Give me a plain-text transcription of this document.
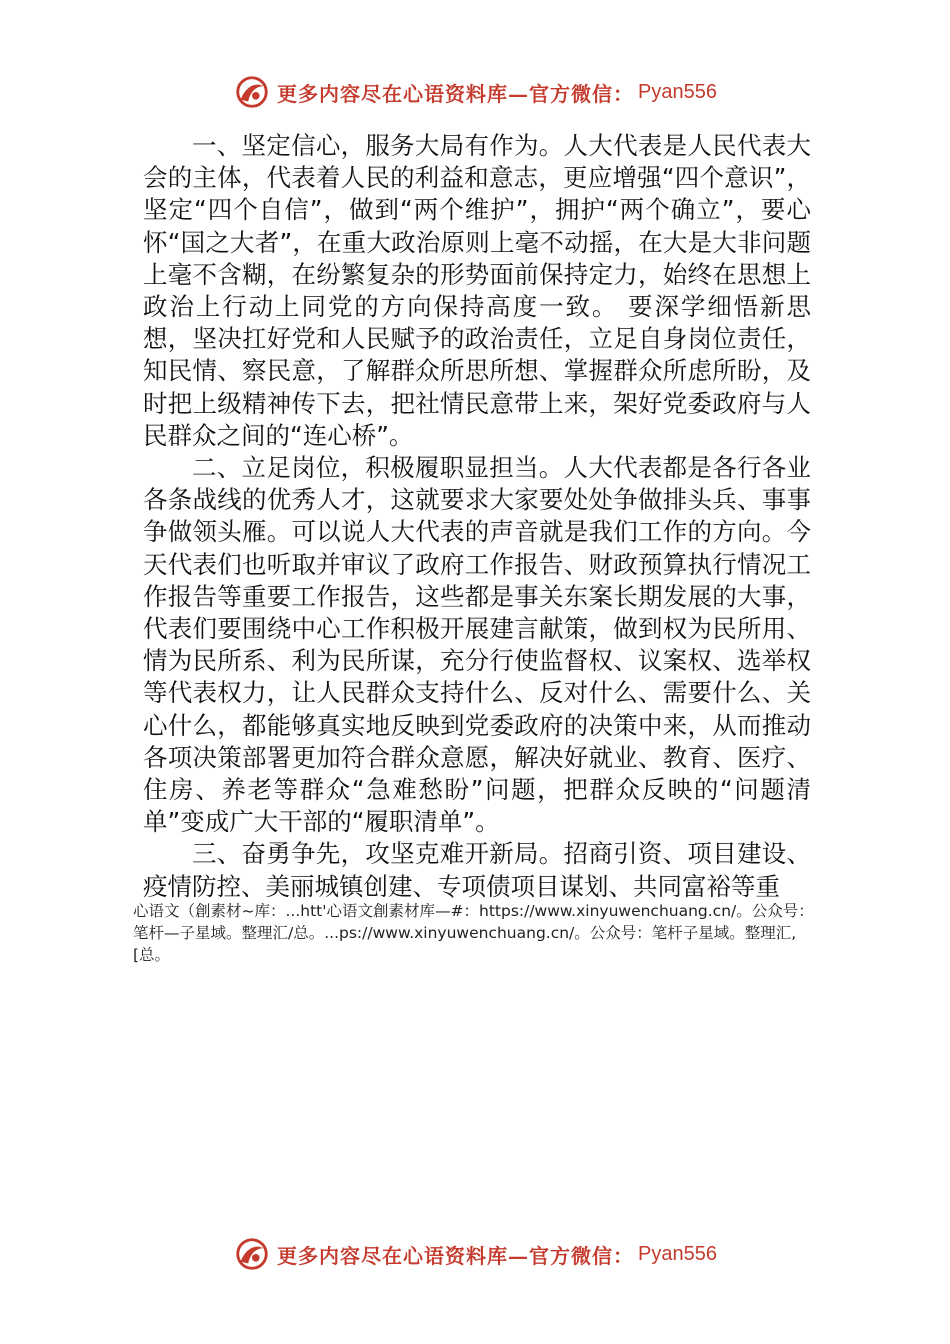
更多内容尽在心语资料库—官方微信： Pyan556

一、坚定信心，服务大局有作为。人大代表是人民代表大会的主体，代表着人民的利益和意志，更应增强“四个意识”，坚定“四个自信”，做到“两个维护”，拥护“两个确立”，要心怀“国之大者”，在重大政治原则上毫不动摇，在大是大非问题上毫不含糊，在纷繁复杂的形势面前保持定力，始终在思想上政治上行动上同党的方向保持高度一致。 要深学细悟新思想，坚决扛好党和人民赋予的政治责任，立足自身岗位责任，知民情、察民意，了解群众所思所想、掌握群众所虑所盼，及时把上级精神传下去，把社情民意带上来，架好党委政府与人民群众之间的“连心桥”。

二、立足岗位，积极履职显担当。人大代表都是各行各业各条战线的优秀人才，这就要求大家要处处争做排头兵、事事争做领头雁。可以说人大代表的声音就是我们工作的方向。今天代表们也听取并审议了政府工作报告、财政预算执行情况工作报告等重要工作报告，这些都是事关东案长期发展的大事，代表们要围绕中心工作积极开展建言献策，做到权为民所用、情为民所系、利为民所谋，充分行使监督权、议案权、选举权等代表权力，让人民群众支持什么、反对什么、需要什么、关心什么，都能够真实地反映到党委政府的决策中来，从而推动各项决策部署更加符合群众意愿，解决好就业、教育、医疗、住房、养老等群众“急难愁盼”问题，把群众反映的“问题清单”变成广大干部的“履职清单”。

三、奋勇争先，攻坚克难开新局。招商引资、项目建设、疫情防控、美丽城镇创建、专项债项目谋划、共同富裕等重

心语文（創素材~库：...htt'心语文創素材库—#：https://www.xinyuwenchuang.cn/。公众号：笔杆—子星域。整理汇/总。...ps://www.xinyuwenchuang.cn/。公众号：笔杆子星域。整理汇,[总。
更多内容尽在心语资料库—官方微信： Pyan556
